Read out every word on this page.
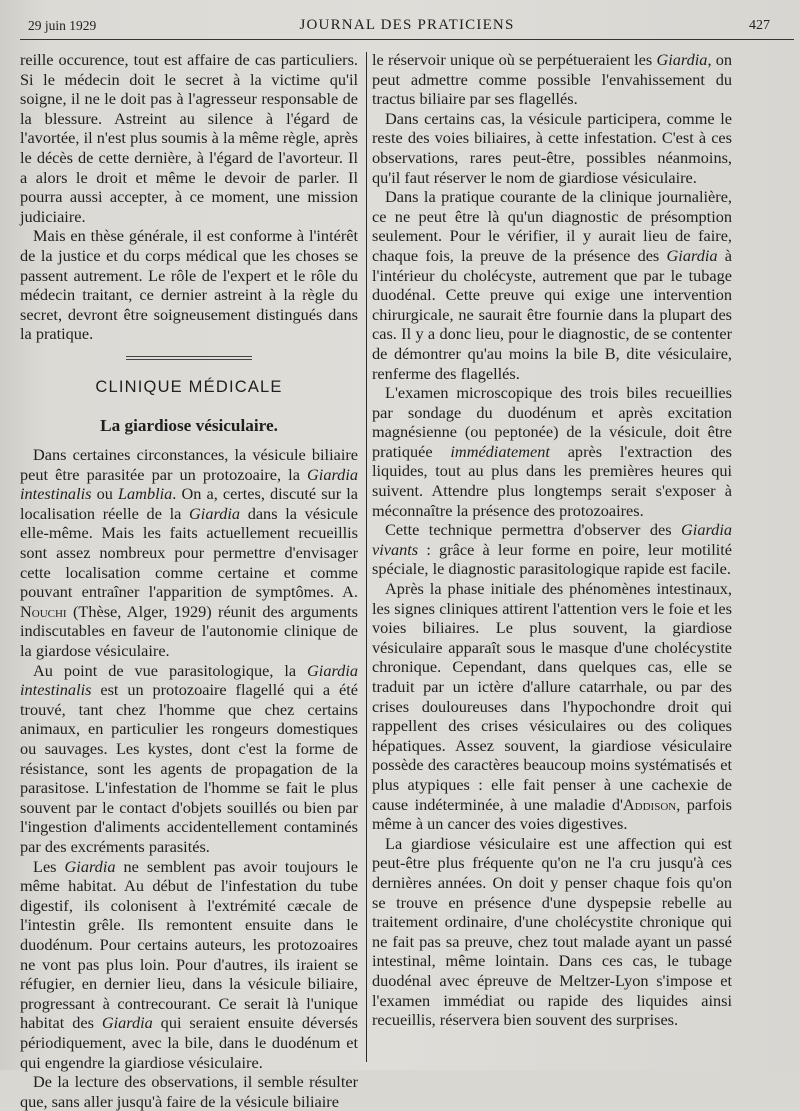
29 juin 1929	JOURNAL DES PRATICIENS	427

reille occurence, tout est affaire de cas particuliers. Si le médecin doit le secret à la victime qu'il soigne, il ne le doit pas à l'agresseur responsable de la blessure. Astreint au silence à l'égard de l'avortée, il n'est plus soumis à la même règle, après le décès de cette dernière, à l'égard de l'avorteur. Il a alors le droit et même le devoir de parler. Il pourra aussi accepter, à ce moment, une mission judiciaire.

Mais en thèse générale, il est conforme à l'intérêt de la justice et du corps médical que les choses se passent autrement. Le rôle de l'expert et le rôle du médecin traitant, ce dernier astreint à la règle du secret, devront être soigneusement distingués dans la pratique.

CLINIQUE MÉDICALE
La giardiose vésiculaire.

Dans certaines circonstances, la vésicule biliaire peut être parasitée par un protozoaire, la Giardia intestinalis ou Lamblia. On a, certes, discuté sur la localisation réelle de la Giardia dans la vésicule elle-même. Mais les faits actuellement recueillis sont assez nombreux pour permettre d'envisager cette localisation comme certaine et comme pouvant entraîner l'apparition de symptômes. A. Nouchi (Thèse, Alger, 1929) réunit des arguments indiscutables en faveur de l'autonomie clinique de la giardose vésiculaire.

Au point de vue parasitologique, la Giardia intestinalis est un protozoaire flagellé qui a été trouvé, tant chez l'homme que chez certains animaux, en particulier les rongeurs domestiques ou sauvages. Les kystes, dont c'est la forme de résistance, sont les agents de propagation de la parasitose. L'infestation de l'homme se fait le plus souvent par le contact d'objets souillés ou bien par l'ingestion d'aliments accidentellement contaminés par des excréments parasités.

Les Giardia ne semblent pas avoir toujours le même habitat. Au début de l'infestation du tube digestif, ils colonisent à l'extrémité cæcale de l'intestin grêle. Ils remontent ensuite dans le duodénum. Pour certains auteurs, les protozoaires ne vont pas plus loin. Pour d'autres, ils iraient se réfugier, en dernier lieu, dans la vésicule biliaire, progressant à contrecourant. Ce serait là l'unique habitat des Giardia qui seraient ensuite déversés périodiquement, avec la bile, dans le duodénum et qui engendre la giardiose vésiculaire.

De la lecture des observations, il semble résulter que, sans aller jusqu'à faire de la vésicule biliaire

le réservoir unique où se perpétueraient les Giardia, on peut admettre comme possible l'envahissement du tractus biliaire par ses flagellés.

Dans certains cas, la vésicule participera, comme le reste des voies biliaires, à cette infestation. C'est à ces observations, rares peut-être, possibles néanmoins, qu'il faut réserver le nom de giardiose vésiculaire.

Dans la pratique courante de la clinique journalière, ce ne peut être là qu'un diagnostic de présomption seulement. Pour le vérifier, il y aurait lieu de faire, chaque fois, la preuve de la présence des Giardia à l'intérieur du cholécyste, autrement que par le tubage duodénal. Cette preuve qui exige une intervention chirurgicale, ne saurait être fournie dans la plupart des cas. Il y a donc lieu, pour le diagnostic, de se contenter de démontrer qu'au moins la bile B, dite vésiculaire, renferme des flagellés.

L'examen microscopique des trois biles recueillies par sondage du duodénum et après excitation magnésienne (ou peptonée) de la vésicule, doit être pratiquée immédiatement après l'extraction des liquides, tout au plus dans les premières heures qui suivent. Attendre plus longtemps serait s'exposer à méconnaître la présence des protozoaires.

Cette technique permettra d'observer des Giardia vivants : grâce à leur forme en poire, leur motilité spéciale, le diagnostic parasitologique rapide est facile.

Après la phase initiale des phénomènes intestinaux, les signes cliniques attirent l'attention vers le foie et les voies biliaires. Le plus souvent, la giardiose vésiculaire apparaît sous le masque d'une cholécystite chronique. Cependant, dans quelques cas, elle se traduit par un ictère d'allure catarrhale, ou par des crises douloureuses dans l'hypochondre droit qui rappellent des crises vésiculaires ou des coliques hépatiques. Assez souvent, la giardiose vésiculaire possède des caractères beaucoup moins systématisés et plus atypiques : elle fait penser à une cachexie de cause indéterminée, à une maladie d'Addison, parfois même à un cancer des voies digestives.

La giardiose vésiculaire est une affection qui est peut-être plus fréquente qu'on ne l'a cru jusqu'à ces dernières années. On doit y penser chaque fois qu'on se trouve en présence d'une dyspepsie rebelle au traitement ordinaire, d'une cholécystite chronique qui ne fait pas sa preuve, chez tout malade ayant un passé intestinal, même lointain. Dans ces cas, le tubage duodénal avec épreuve de Meltzer-Lyon s'impose et l'examen immédiat ou rapide des liquides ainsi recueillis, réservera bien souvent des surprises.
